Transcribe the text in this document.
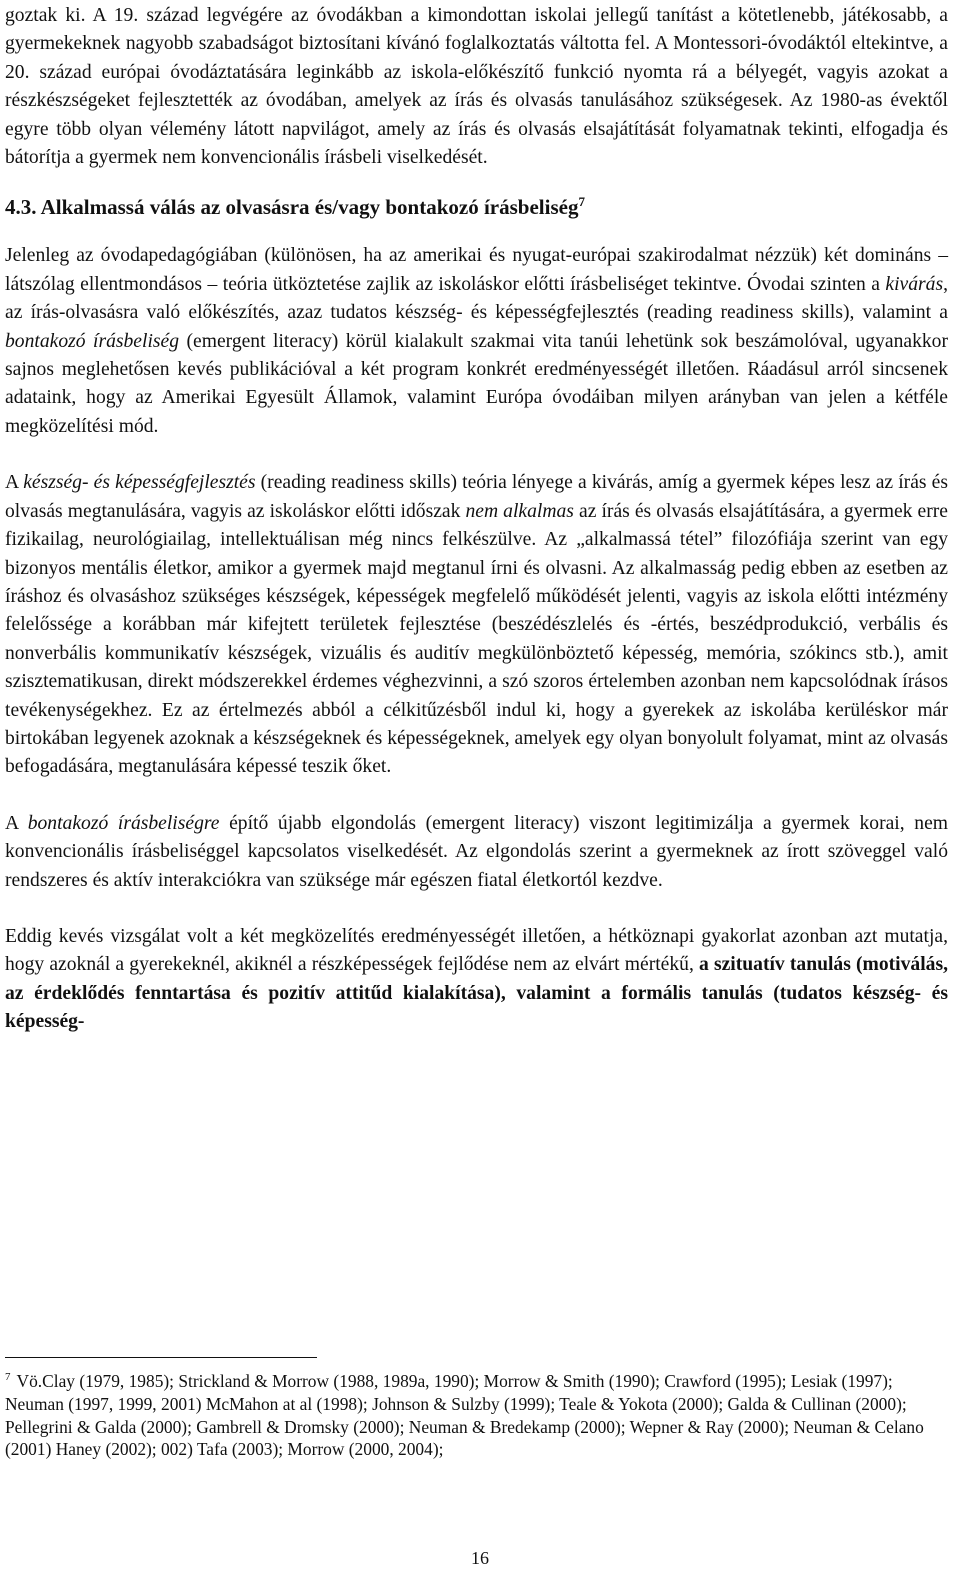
goztak ki. A 19. század legvégére az óvodákban a kimondottan iskolai jellegű tanítást a kötetlenebb, játékosabb, a gyermekeknek nagyobb szabadságot biztosítani kívánó foglalkoztatás váltotta fel. A Montessori-óvodáktól eltekintve, a 20. század európai óvodáztatására leginkább az iskola-előkészítő funkció nyomta rá a bélyegét, vagyis azokat a részkészségeket fejlesztették az óvodában, amelyek az írás és olvasás tanulásához szükségesek. Az 1980-as évektől egyre több olyan vélemény látott napvilágot, amely az írás és olvasás elsajátítását folyamatnak tekinti, elfogadja és bátorítja a gyermek nem konvencionális írásbeli viselkedését.

4.3. Alkalmassá válás az olvasásra és/vagy bontakozó írásbeliség$^7$

Jelenleg az óvodapedagógiában (különösen, ha az amerikai és nyugat-európai szakirodalmat nézzük) két domináns – látszólag ellentmondásos – teória ütköztetése zajlik az iskoláskor előtti írásbeliséget tekintve. Óvodai szinten a kivárás, az írás-olvasásra való előkészítés, azaz tudatos készség- és képességfejlesztés (reading readiness skills), valamint a bontakozó írásbeliség (emergent literacy) körül kialakult szakmai vita tanúi lehetünk sok beszámolóval, ugyanakkor sajnos meglehetősen kevés publikációval a két program konkrét eredményességét illetően. Ráadásul arról sincsenek adataink, hogy az Amerikai Egyesült Államok, valamint Európa óvodáiban milyen arányban van jelen a kétféle megközelítési mód.

A készség- és képességfejlesztés (reading readiness skills) teória lényege a kivárás, amíg a gyermek képes lesz az írás és olvasás megtanulására, vagyis az iskoláskor előtti időszak nem alkalmas az írás és olvasás elsajátítására, a gyermek erre fizikailag, neurológiailag, intellektuálisan még nincs felkészülve. Az „alkalmassá tétel” filozófiája szerint van egy bizonyos mentális életkor, amikor a gyermek majd megtanul írni és olvasni. Az alkalmasság pedig ebben az esetben az íráshoz és olvasáshoz szükséges készségek, képességek megfelelő működését jelenti, vagyis az iskola előtti intézmény felelőssége a korábban már kifejtett területek fejlesztése (beszédészlelés és -értés, beszédprodukció, verbális és nonverbális kommunikatív készségek, vizuális és auditív megkülönböztető képesség, memória, szókincs stb.), amit szisztematikusan, direkt módszerekkel érdemes véghezvinni, a szó szoros értelemben azonban nem kapcsolódnak írásos tevékenységekhez. Ez az értelmezés abból a célkitűzésből indul ki, hogy a gyerekek az iskolába kerüléskor már birtokában legyenek azoknak a készségeknek és képességeknek, amelyek egy olyan bonyolult folyamat, mint az olvasás befogadására, megtanulására képessé teszik őket.

A bontakozó írásbeliségre építő újabb elgondolás (emergent literacy) viszont legitimizálja a gyermek korai, nem konvencionális írásbeliséggel kapcsolatos viselkedését. Az elgondolás szerint a gyermeknek az írott szöveggel való rendszeres és aktív interakciókra van szüksége már egészen fiatal életkortól kezdve.

Eddig kevés vizsgálat volt a két megközelítés eredményességét illetően, a hétköznapi gyakorlat azonban azt mutatja, hogy azoknál a gyerekeknél, akiknél a részképességek fejlődése nem az elvárt mértékű, a szituatív tanulás (motiválás, az érdeklődés fenntartása és pozitív attitűd kialakítása), valamint a formális tanulás (tudatos készség- és képesség-

$^7$ Vö.Clay (1979, 1985); Strickland & Morrow (1988, 1989a, 1990); Morrow & Smith (1990); Crawford (1995); Lesiak (1997); Neuman (1997, 1999, 2001) McMahon at al (1998); Johnson & Sulzby (1999); Teale & Yokota (2000); Galda & Cullinan (2000); Pellegrini & Galda (2000); Gambrell & Dromsky (2000); Neuman & Bredekamp (2000); Wepner & Ray (2000); Neuman & Celano (2001) Haney (2002); 002) Tafa (2003); Morrow (2000, 2004);
16
